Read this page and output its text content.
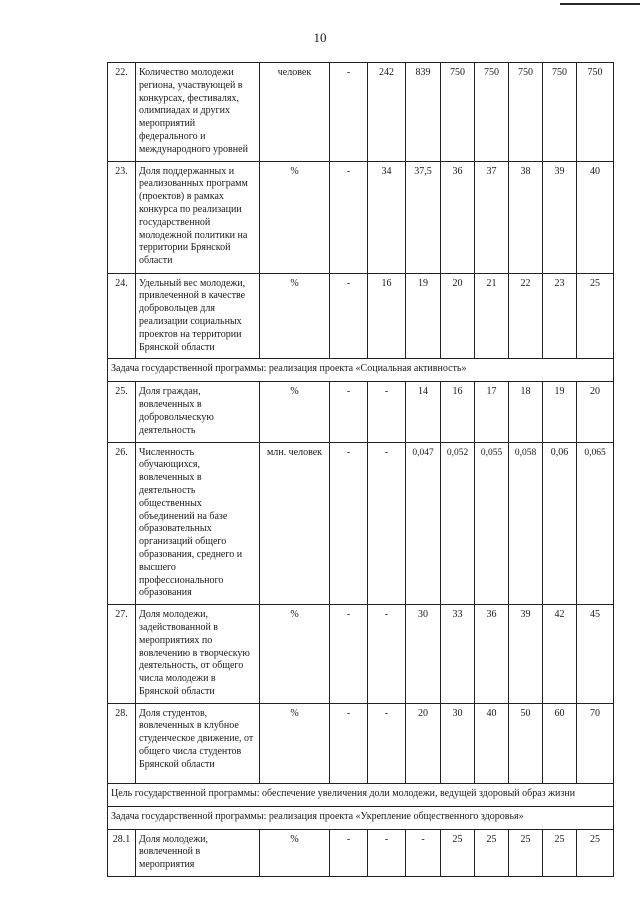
10
22.	Количество молодежи региона, участвующей в конкурсах, фестивалях, олимпиадах и других мероприятий федерального и международного уровней	человек	-	242	839	750	750	750	750	750
23.	Доля поддержанных и реализованных программ (проектов) в рамках конкурса по реализации государственной молодежной политики на территории Брянской области	%	-	34	37,5	36	37	38	39	40
24.	Удельный вес молодежи, привлеченной в качестве добровольцев для реализации социальных проектов на территории Брянской области	%	-	16	19	20	21	22	23	25
Задача государственной программы: реализация проекта «Социальная активность»										
25.	Доля граждан, вовлеченных в добровольческую деятельность	%	-	-	14	16	17	18	19	20
26.	Численность обучающихся, вовлеченных в деятельность общественных объединений на базе образовательных организаций общего образования, среднего и высшего профессионального образования	млн. человек	-	-	0,047	0,052	0,055	0,058	0,06	0,065
27.	Доля молодежи, задействованной в мероприятиях по вовлечению в творческую деятельность, от общего числа молодежи в Брянской области	%	-	-	30	33	36	39	42	45
28.	Доля студентов, вовлеченных в клубное студенческое движение, от общего числа студентов Брянской области	%	-	-	20	30	40	50	60	70
Цель государственной программы: обеспечение увеличения доли молодежи, ведущей здоровый образ жизни										
Задача государственной программы: реализация проекта «Укрепление общественного здоровья»										
28.1	Доля молодежи, вовлеченной в мероприятия	%	-	-	-	25	25	25	25	25
